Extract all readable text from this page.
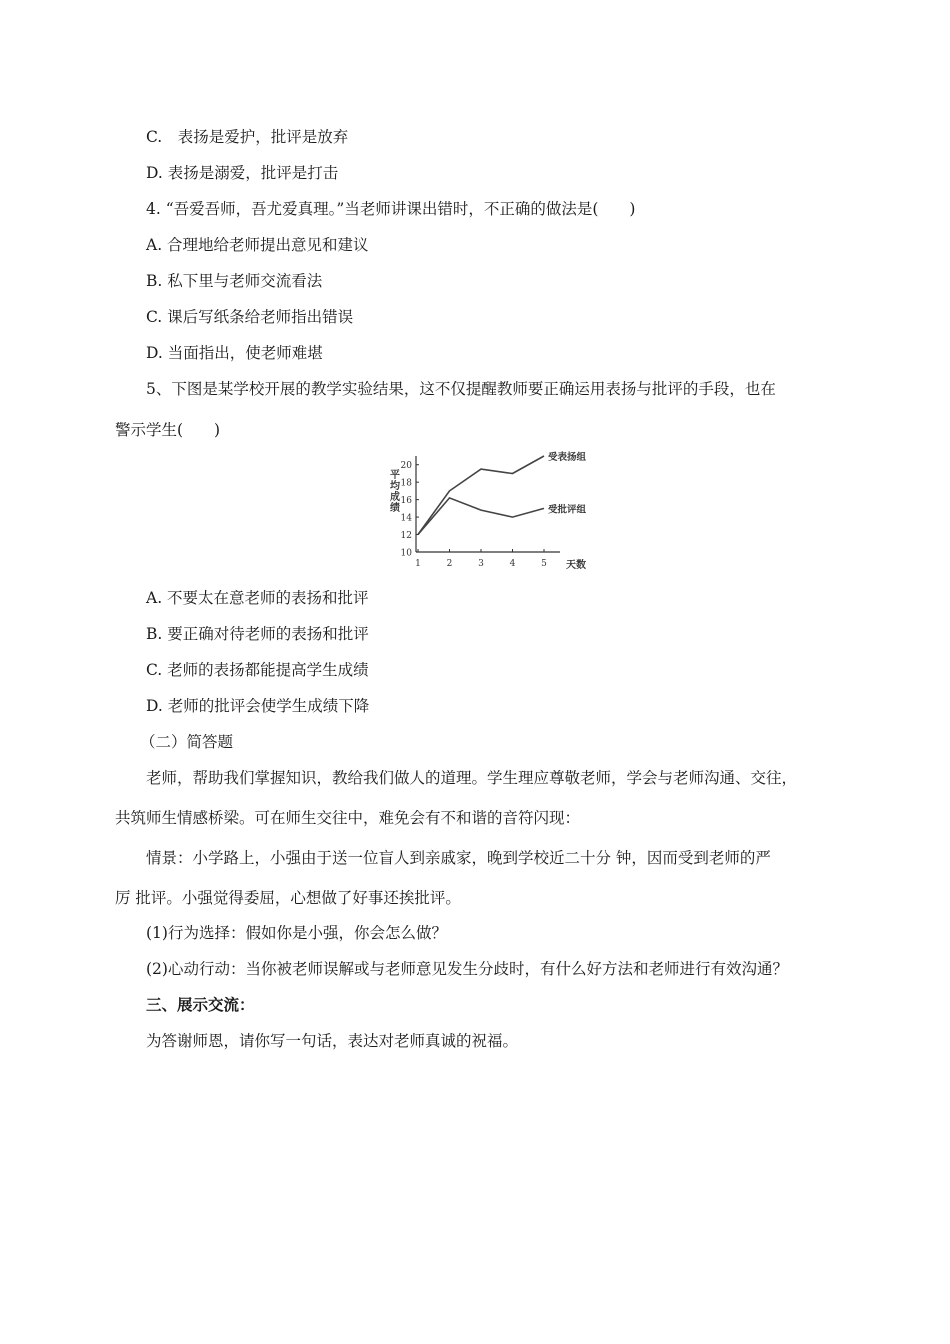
C.　表扬是爱护，批评是放弃
D. 表扬是溺爱，批评是打击
4. “吾爱吾师，吾尤爱真理。”当老师讲课出错时，不正确的做法是(　　)
A. 合理地给老师提出意见和建议
B. 私下里与老师交流看法
C. 课后写纸条给老师指出错误
D. 当面指出，使老师难堪
5、下图是某学校开展的教学实验结果，这不仅提醒教师要正确运用表扬与批评的手段，也在
警示学生(　　)
平均成绩
天数
10
12
14
16
18
20
1	2	3	4	5
受表扬组
受批评组
A. 不要太在意老师的表扬和批评
B. 要正确对待老师的表扬和批评
C. 老师的表扬都能提高学生成绩
D. 老师的批评会使学生成绩下降
（二）简答题
老师，帮助我们掌握知识，教给我们做人的道理。学生理应尊敬老师，学会与老师沟通、交往，
共筑师生情感桥梁。可在师生交往中，难免会有不和谐的音符闪现：
情景：小学路上，小强由于送一位盲人到亲戚家，晚到学校近二十分 钟，因而受到老师的严
厉 批评。小强觉得委屈，心想做了好事还挨批评。
(1)行为选择：假如你是小强，你会怎么做？
(2)心动行动：当你被老师误解或与老师意见发生分歧时，有什么好方法和老师进行有效沟通？
三、展示交流：
为答谢师恩，请你写一句话，表达对老师真诚的祝福。
